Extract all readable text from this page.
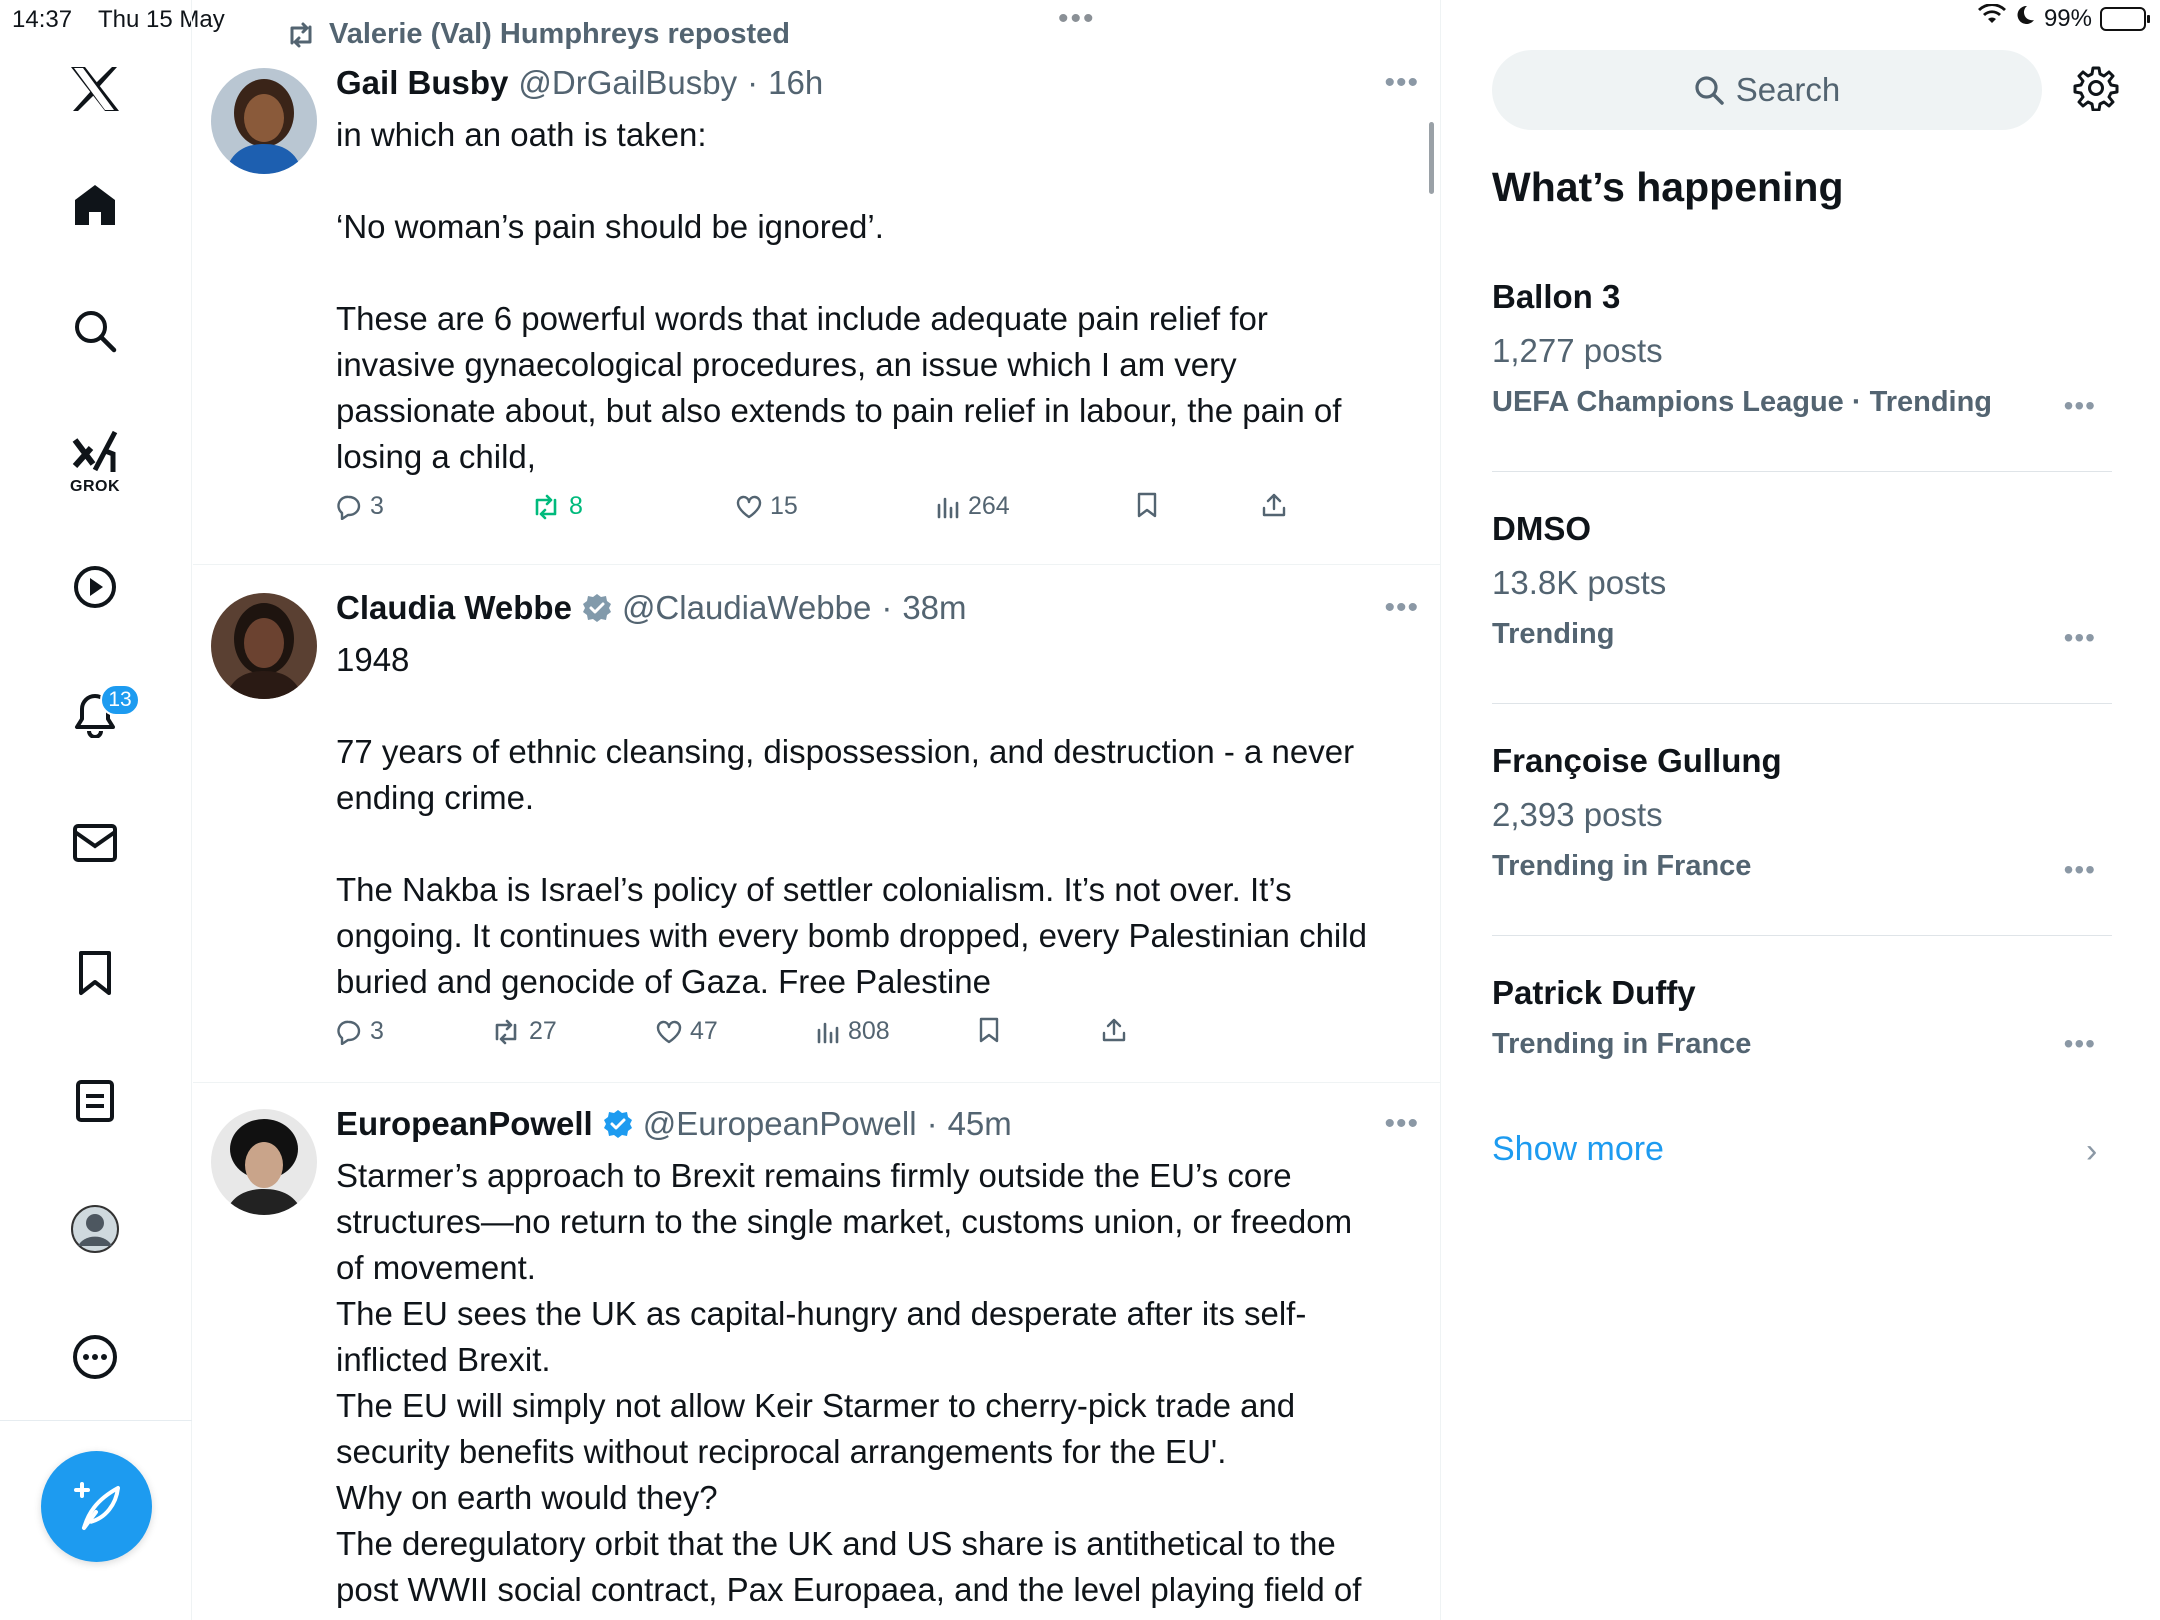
14:37 Thu 15 May	•••	99%
GROK
13
Valerie (Val) Humphreys reposted
Gail Busby @DrGailBusby · 16h	•••

in which an oath is taken:

‘No woman’s pain should be ignored’.

These are 6 powerful words that include adequate pain relief for

invasive gynaecological procedures, an issue which I am very

passionate about, but also extends to pain relief in labour, the pain of

losing a child,

3	8	15	264
Claudia Webbe @ClaudiaWebbe · 38m	•••

1948

77 years of ethnic cleansing, dispossession, and destruction - a never

ending crime.

The Nakba is Israel’s policy of settler colonialism. It’s not over. It’s

ongoing. It continues with every bomb dropped, every Palestinian child

buried and genocide of Gaza. Free Palestine

3	27	47	808
EuropeanPowell @EuropeanPowell · 45m	•••

Starmer’s approach to Brexit remains firmly outside the EU’s core

structures—no return to the single market, customs union, or freedom

of movement.

The EU sees the UK as capital-hungry and desperate after its self-

inflicted Brexit.

The EU will simply not allow Keir Starmer to cherry-pick trade and

security benefits without reciprocal arrangements for the EU'.

Why on earth would they?

The deregulatory orbit that the UK and US share is antithetical to the

post WWII social contract, Pax Europaea, and the level playing field of

Search
What’s happening
Ballon 3
1,277 posts
UEFA Champions League · Trending	•••
DMSO
13.8K posts
Trending	•••
Françoise Gullung
2,393 posts
Trending in France	•••
Patrick Duffy
Trending in France	•••
Show more	›
